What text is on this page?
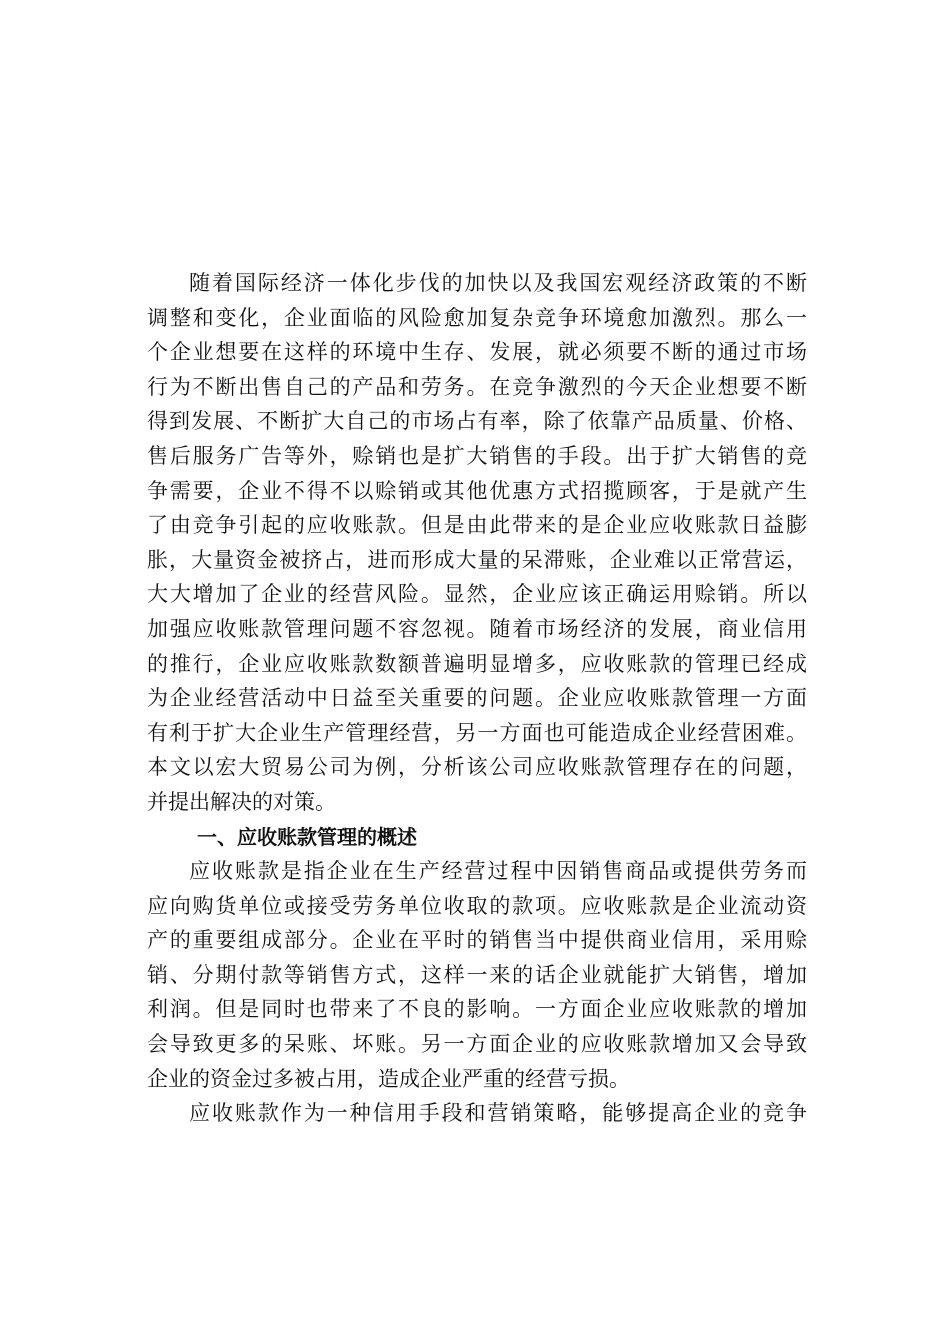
随着国际经济一体化步伐的加快以及我国宏观经济政策的不断
调整和变化，企业面临的风险愈加复杂竞争环境愈加激烈。那么一
个企业想要在这样的环境中生存、发展，就必须要不断的通过市场
行为不断出售自己的产品和劳务。在竞争激烈的今天企业想要不断
得到发展、不断扩大自己的市场占有率，除了依靠产品质量、价格、
售后服务广告等外，赊销也是扩大销售的手段。出于扩大销售的竞
争需要，企业不得不以赊销或其他优惠方式招揽顾客，于是就产生
了由竞争引起的应收账款。但是由此带来的是企业应收账款日益膨
胀，大量资金被挤占，进而形成大量的呆滞账，企业难以正常营运，
大大增加了企业的经营风险。显然，企业应该正确运用赊销。所以
加强应收账款管理问题不容忽视。随着市场经济的发展，商业信用
的推行，企业应收账款数额普遍明显增多，应收账款的管理已经成
为企业经营活动中日益至关重要的问题。企业应收账款管理一方面
有利于扩大企业生产管理经营，另一方面也可能造成企业经营困难。
本文以宏大贸易公司为例，分析该公司应收账款管理存在的问题，
并提出解决的对策。
一、应收账款管理的概述
应收账款是指企业在生产经营过程中因销售商品或提供劳务而
应向购货单位或接受劳务单位收取的款项。应收账款是企业流动资
产的重要组成部分。企业在平时的销售当中提供商业信用，采用赊
销、分期付款等销售方式，这样一来的话企业就能扩大销售，增加
利润。但是同时也带来了不良的影响。一方面企业应收账款的增加
会导致更多的呆账、坏账。另一方面企业的应收账款增加又会导致
企业的资金过多被占用，造成企业严重的经营亏损。
应收账款作为一种信用手段和营销策略，能够提高企业的竞争
